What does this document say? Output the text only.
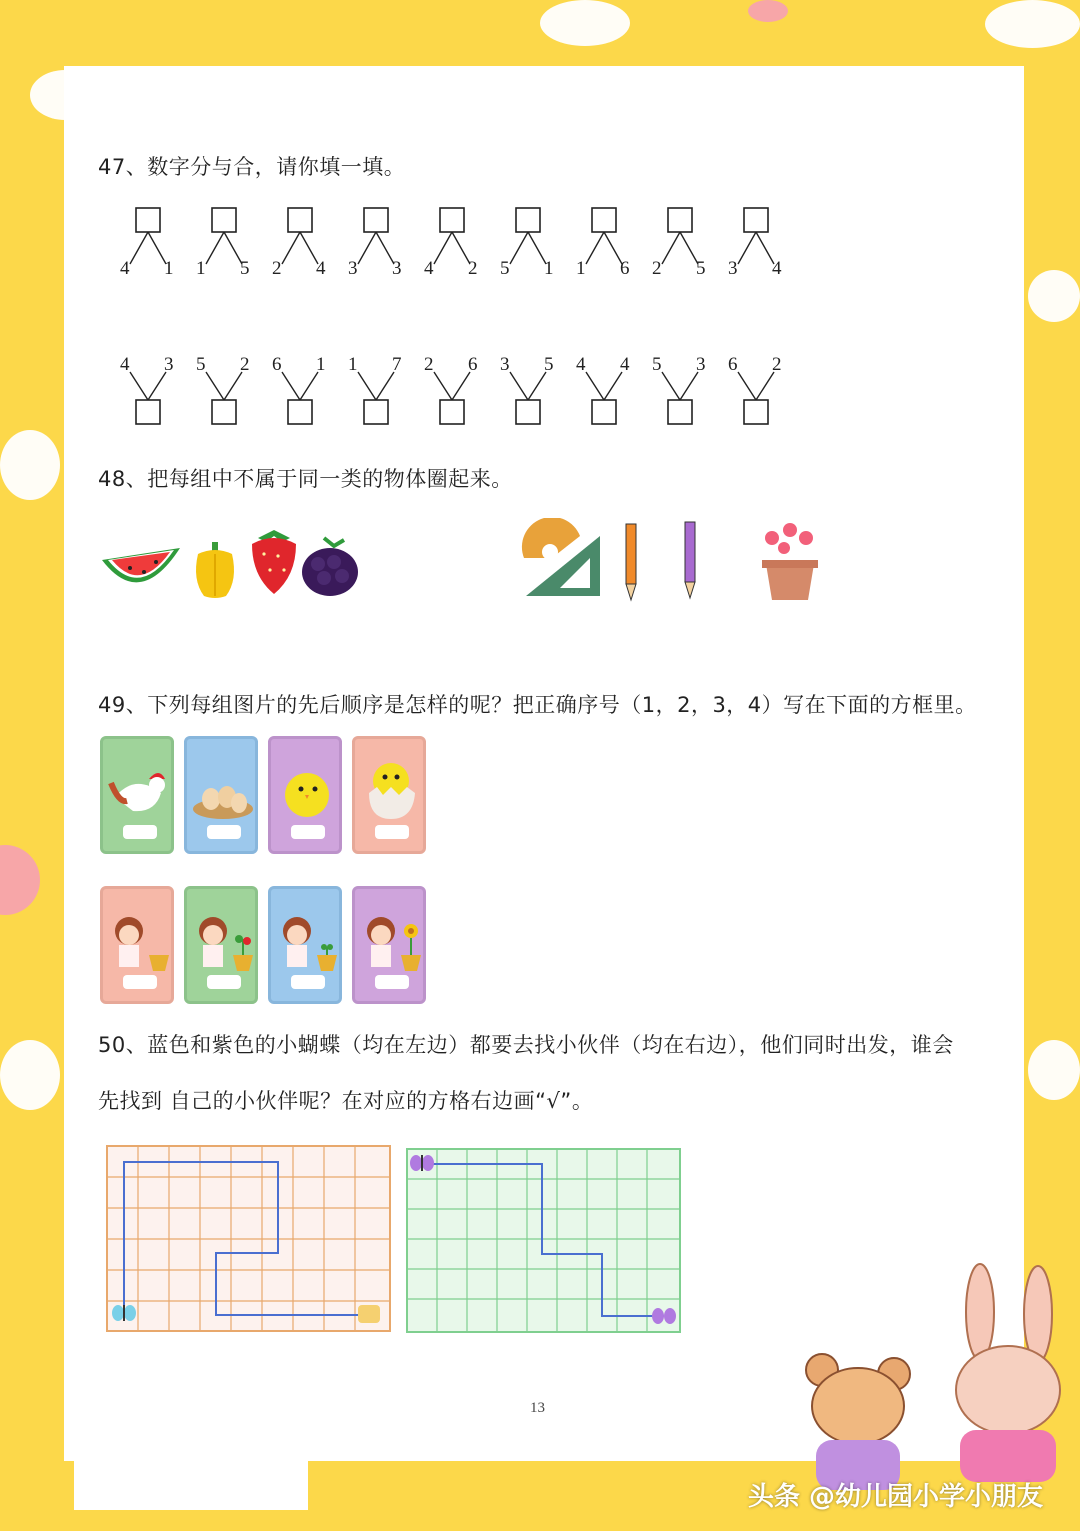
47、数字分与合，请你填一填。
4 1 1 5 2 4 3 3 4 2 5 1 1 6 2 5 3 4
4 3 5 2 6 1 1 7 2 6 3 5 4 4 5 3 6 2
48、把每组中不属于同一类的物体圈起来。
49、下列每组图片的先后顺序是怎样的呢？把正确序号（1，2，3，4）写在下面的方框里。
50、蓝色和紫色的小蝴蝶（均在左边）都要去找小伙伴（均在右边），他们同时出发，谁会
先找到 自己的小伙伴呢？在对应的方格右边画“√”。
13
头条 @幼儿园小学小朋友
